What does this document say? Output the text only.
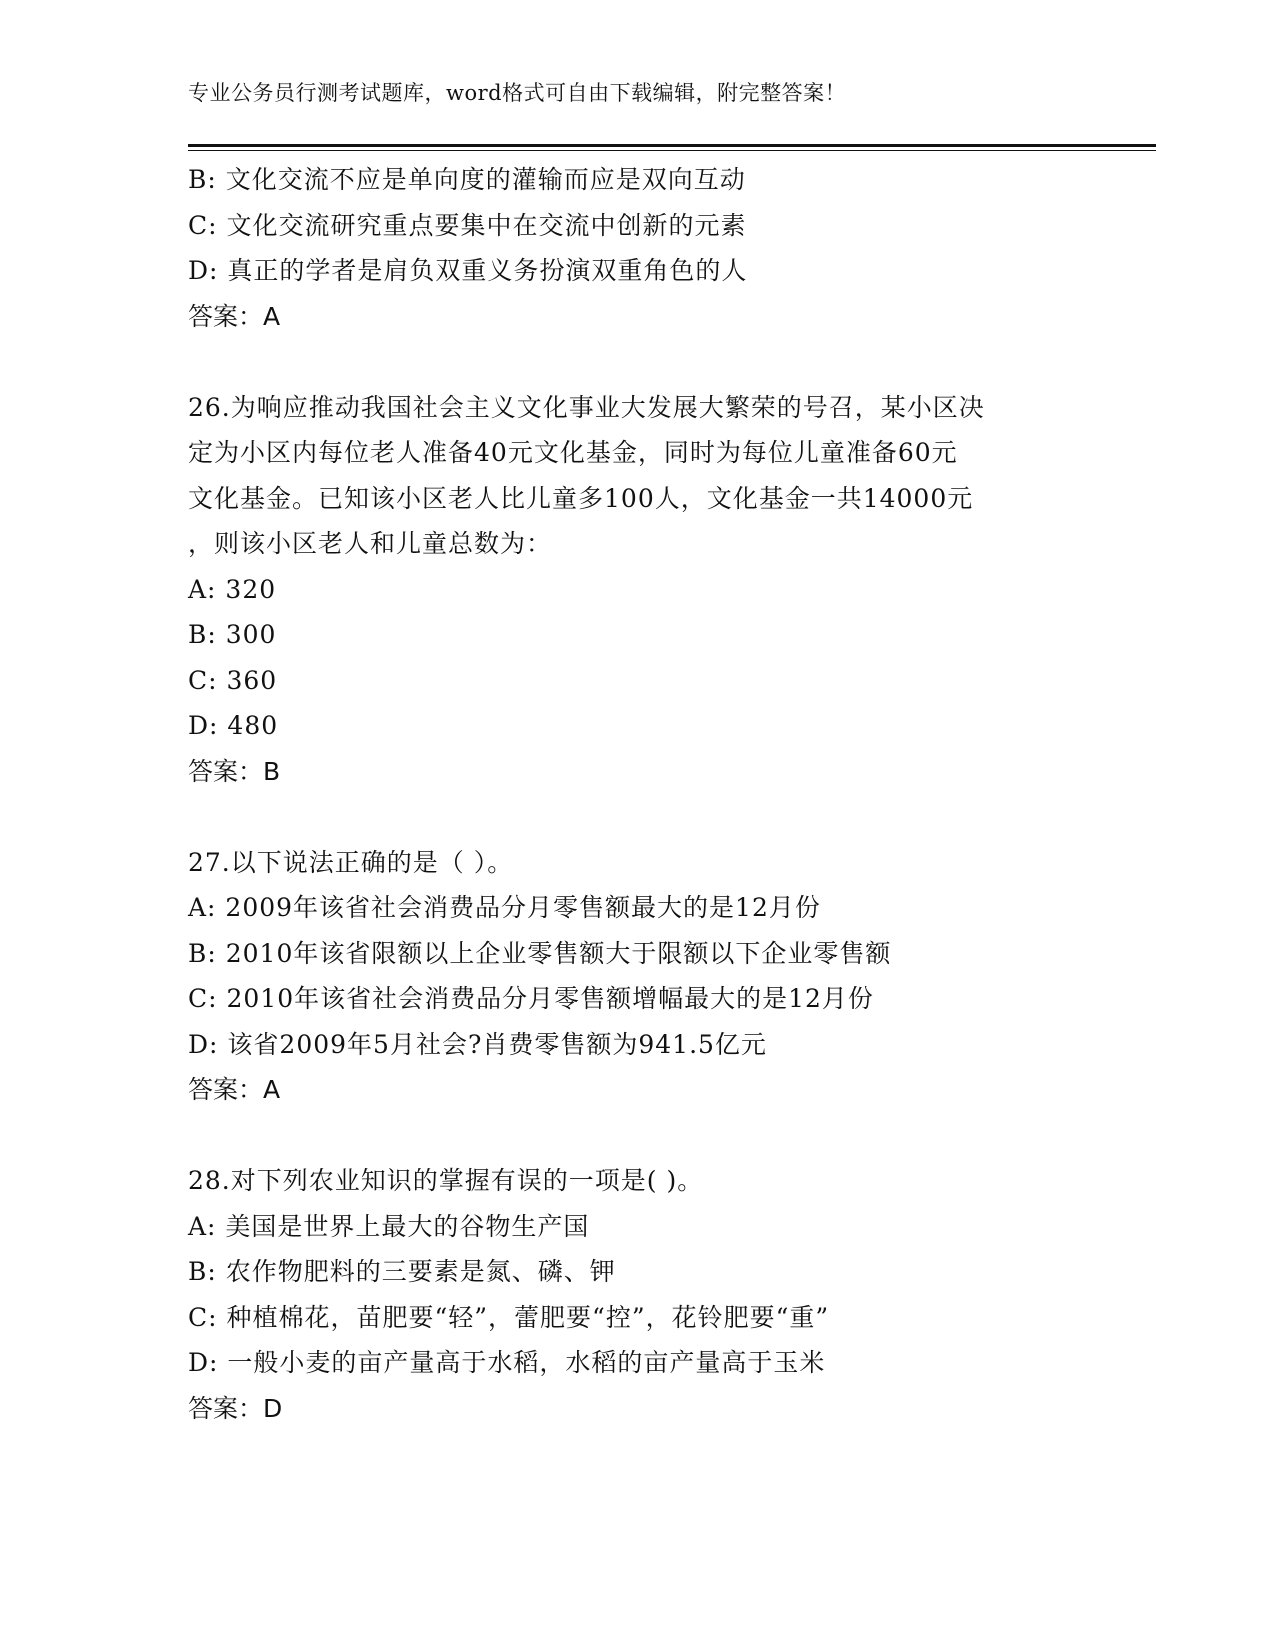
专业公务员行测考试题库，word格式可自由下载编辑，附完整答案！
B: 文化交流不应是单向度的灌输而应是双向互动
C: 文化交流研究重点要集中在交流中创新的元素
D: 真正的学者是肩负双重义务扮演双重角色的人
答案：A
26.为响应推动我国社会主义文化事业大发展大繁荣的号召，某小区决
定为小区内每位老人准备40元文化基金，同时为每位儿童准备60元
文化基金。已知该小区老人比儿童多100人，文化基金一共14000元
，则该小区老人和儿童总数为：
A: 320
B: 300
C: 360
D: 480
答案：B
27.以下说法正确的是（ ）。
A: 2009年该省社会消费品分月零售额最大的是12月份
B: 2010年该省限额以上企业零售额大于限额以下企业零售额
C: 2010年该省社会消费品分月零售额增幅最大的是12月份
D: 该省2009年5月社会?肖费零售额为941.5亿元
答案：A
28.对下列农业知识的掌握有误的一项是( )。
A: 美国是世界上最大的谷物生产国
B: 农作物肥料的三要素是氮、磷、钾
C: 种植棉花，苗肥要“轻”，蕾肥要“控”，花铃肥要“重”
D: 一般小麦的亩产量高于水稻，水稻的亩产量高于玉米
答案：D
